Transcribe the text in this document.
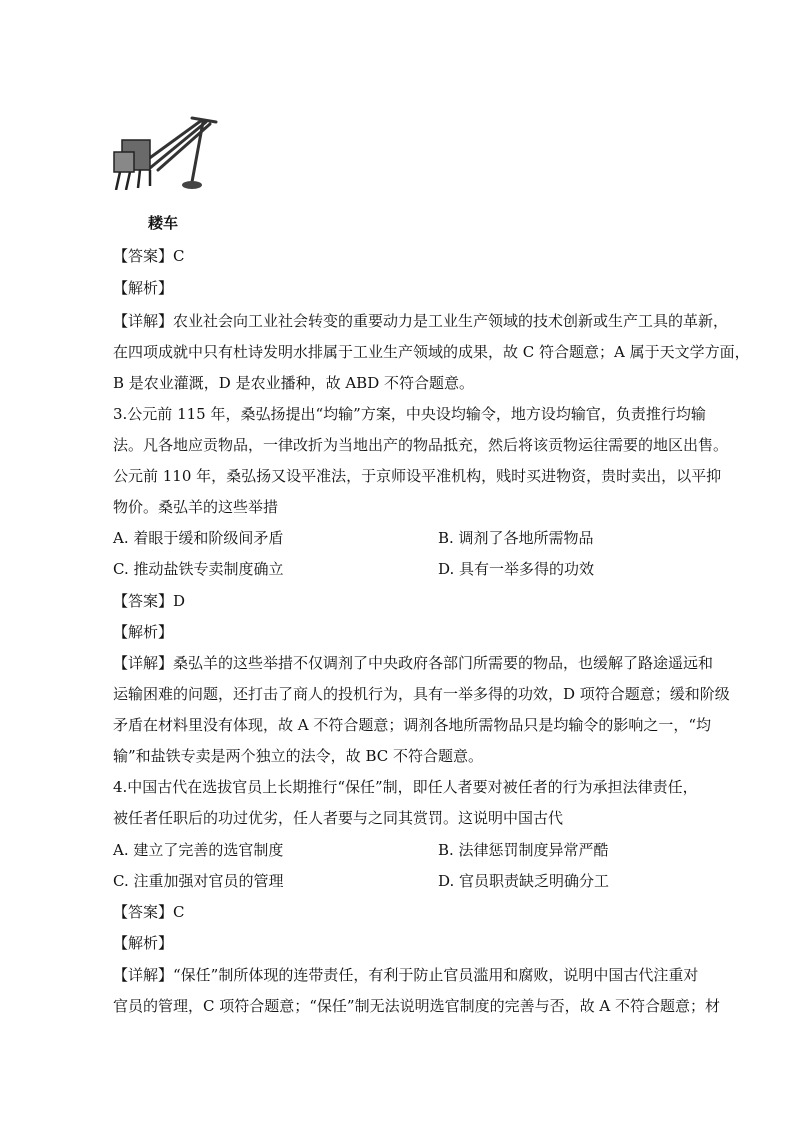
耧车
【答案】C
【解析】
【详解】农业社会向工业社会转变的重要动力是工业生产领域的技术创新或生产工具的革新，
在四项成就中只有杜诗发明水排属于工业生产领域的成果，故 C 符合题意；A 属于天文学方面，
B 是农业灌溉，D 是农业播种，故 ABD 不符合题意。
3.公元前 115 年，桑弘扬提出“均输”方案，中央设均输令，地方设均输官，负责推行均输
法。凡各地应贡物品，一律改折为当地出产的物品抵充，然后将该贡物运往需要的地区出售。
公元前 110 年，桑弘扬又设平准法，于京师设平准机构，贱时买进物资，贵时卖出，以平抑
物价。桑弘羊的这些举措
A. 着眼于缓和阶级间矛盾	B. 调剂了各地所需物品
C. 推动盐铁专卖制度确立	D. 具有一举多得的功效
【答案】D
【解析】
【详解】桑弘羊的这些举措不仅调剂了中央政府各部门所需要的物品，也缓解了路途遥远和
运输困难的问题，还打击了商人的投机行为，具有一举多得的功效，D 项符合题意；缓和阶级
矛盾在材料里没有体现，故 A 不符合题意；调剂各地所需物品只是均输令的影响之一，“均
输”和盐铁专卖是两个独立的法令，故 BC 不符合题意。
4.中国古代在选拔官员上长期推行“保任”制，即任人者要对被任者的行为承担法律责任，
被任者任职后的功过优劣，任人者要与之同其赏罚。这说明中国古代
A. 建立了完善的选官制度	B. 法律惩罚制度异常严酷
C. 注重加强对官员的管理	D. 官员职责缺乏明确分工
【答案】C
【解析】
【详解】“保任”制所体现的连带责任，有利于防止官员滥用和腐败，说明中国古代注重对
官员的管理，C 项符合题意；“保任”制无法说明选官制度的完善与否，故 A 不符合题意；材
